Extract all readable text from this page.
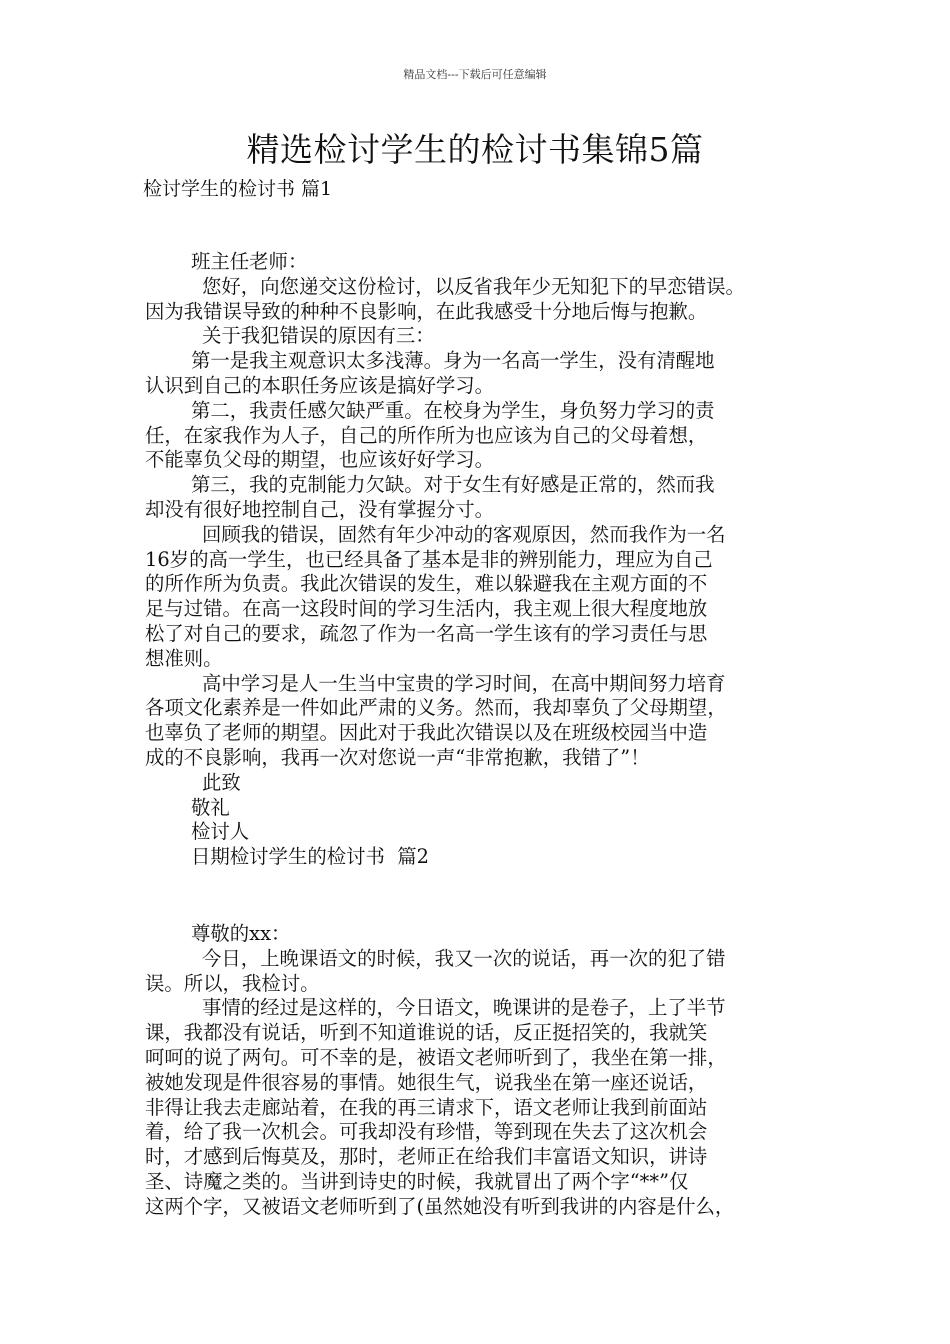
精品文档---下载后可任意编辑
精选检讨学生的检讨书集锦5篇
检讨学生的检讨书 篇1
班主任老师：
您好，向您递交这份检讨，以反省我年少无知犯下的早恋错误。
因为我错误导致的种种不良影响，在此我感受十分地后悔与抱歉。
关于我犯错误的原因有三：
第一是我主观意识太多浅薄。身为一名高一学生，没有清醒地
认识到自己的本职任务应该是搞好学习。
第二，我责任感欠缺严重。在校身为学生，身负努力学习的责
任，在家我作为人子，自己的所作所为也应该为自己的父母着想，
不能辜负父母的期望，也应该好好学习。
第三，我的克制能力欠缺。对于女生有好感是正常的，然而我
却没有很好地控制自己，没有掌握分寸。
回顾我的错误，固然有年少冲动的客观原因，然而我作为一名
16岁的高一学生，也已经具备了基本是非的辨别能力，理应为自己
的所作所为负责。我此次错误的发生，难以躲避我在主观方面的不
足与过错。在高一这段时间的学习生活内，我主观上很大程度地放
松了对自己的要求，疏忽了作为一名高一学生该有的学习责任与思
想准则。
高中学习是人一生当中宝贵的学习时间，在高中期间努力培育
各项文化素养是一件如此严肃的义务。然而，我却辜负了父母期望，
也辜负了老师的期望。因此对于我此次错误以及在班级校园当中造
成的不良影响，我再一次对您说一声“非常抱歉，我错了”！
此致
敬礼
检讨人
日期检讨学生的检讨书  篇2
尊敬的xx：
今日，上晚课语文的时候，我又一次的说话，再一次的犯了错
误。所以，我检讨。
事情的经过是这样的，今日语文，晚课讲的是卷子，上了半节
课，我都没有说话，听到不知道谁说的话，反正挺招笑的，我就笑
呵呵的说了两句。可不幸的是，被语文老师听到了，我坐在第一排，
被她发现是件很容易的事情。她很生气，说我坐在第一座还说话，
非得让我去走廊站着，在我的再三请求下，语文老师让我到前面站
着，给了我一次机会。可我却没有珍惜，等到现在失去了这次机会
时，才感到后悔莫及，那时，老师正在给我们丰富语文知识，讲诗
圣、诗魔之类的。当讲到诗史的时候，我就冒出了两个字“**”仅
这两个字，又被语文老师听到了(虽然她没有听到我讲的内容是什么，
